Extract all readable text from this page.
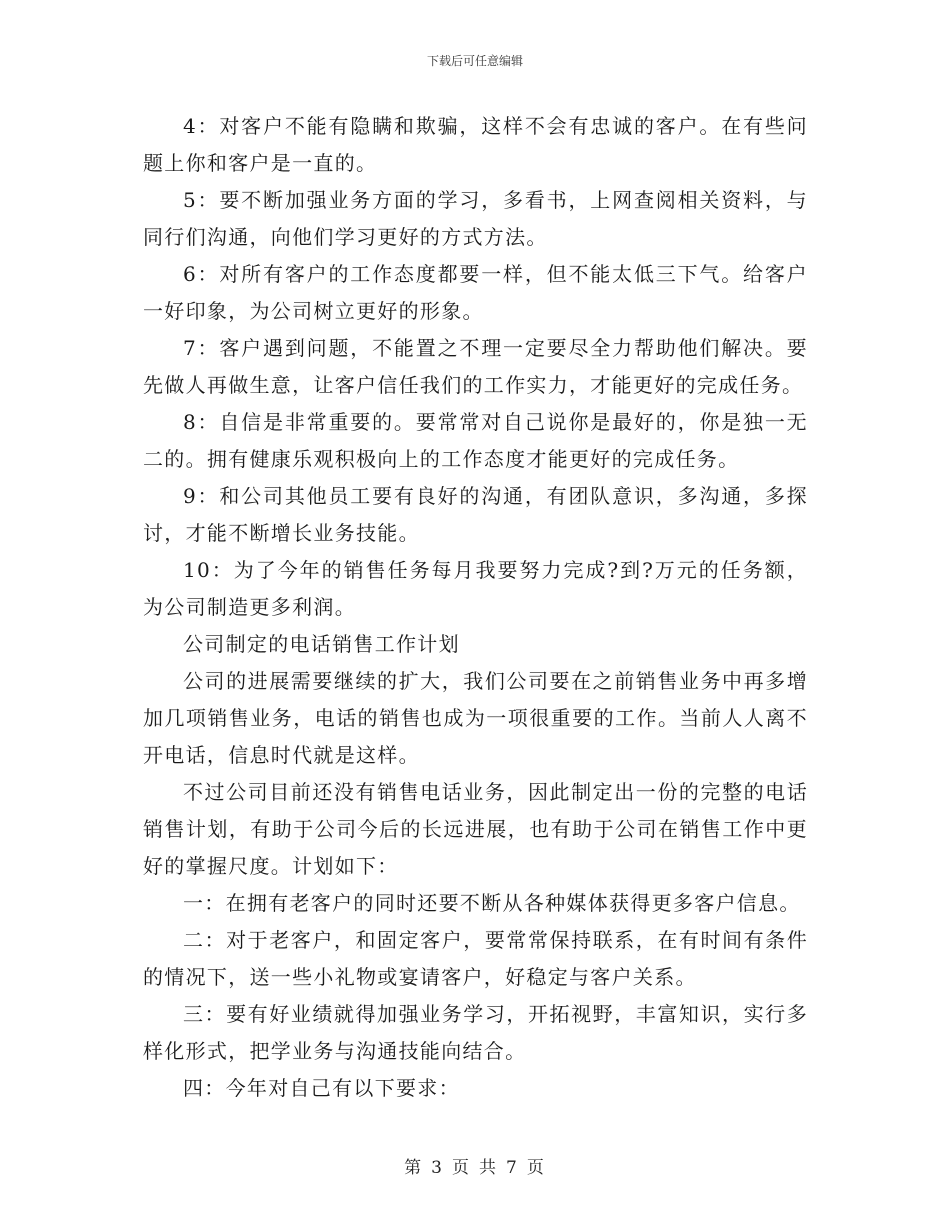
下载后可任意编辑

4：对客户不能有隐瞒和欺骗，这样不会有忠诚的客户。在有些问题上你和客户是一直的。

5：要不断加强业务方面的学习，多看书，上网查阅相关资料，与同行们沟通，向他们学习更好的方式方法。

6：对所有客户的工作态度都要一样，但不能太低三下气。给客户一好印象，为公司树立更好的形象。

7：客户遇到问题，不能置之不理一定要尽全力帮助他们解决。要先做人再做生意，让客户信任我们的工作实力，才能更好的完成任务。

8：自信是非常重要的。要常常对自己说你是最好的，你是独一无二的。拥有健康乐观积极向上的工作态度才能更好的完成任务。

9：和公司其他员工要有良好的沟通，有团队意识，多沟通，多探讨，才能不断增长业务技能。

10：为了今年的销售任务每月我要努力完成?到?万元的任务额，为公司制造更多利润。

公司制定的电话销售工作计划

公司的进展需要继续的扩大，我们公司要在之前销售业务中再多增加几项销售业务，电话的销售也成为一项很重要的工作。当前人人离不开电话，信息时代就是这样。

不过公司目前还没有销售电话业务，因此制定出一份的完整的电话销售计划，有助于公司今后的长远进展，也有助于公司在销售工作中更好的掌握尺度。计划如下：

一：在拥有老客户的同时还要不断从各种媒体获得更多客户信息。

二：对于老客户，和固定客户，要常常保持联系，在有时间有条件的情况下，送一些小礼物或宴请客户，好稳定与客户关系。

三：要有好业绩就得加强业务学习，开拓视野，丰富知识，实行多样化形式，把学业务与沟通技能向结合。

四：今年对自己有以下要求：

第 3 页 共 7 页
